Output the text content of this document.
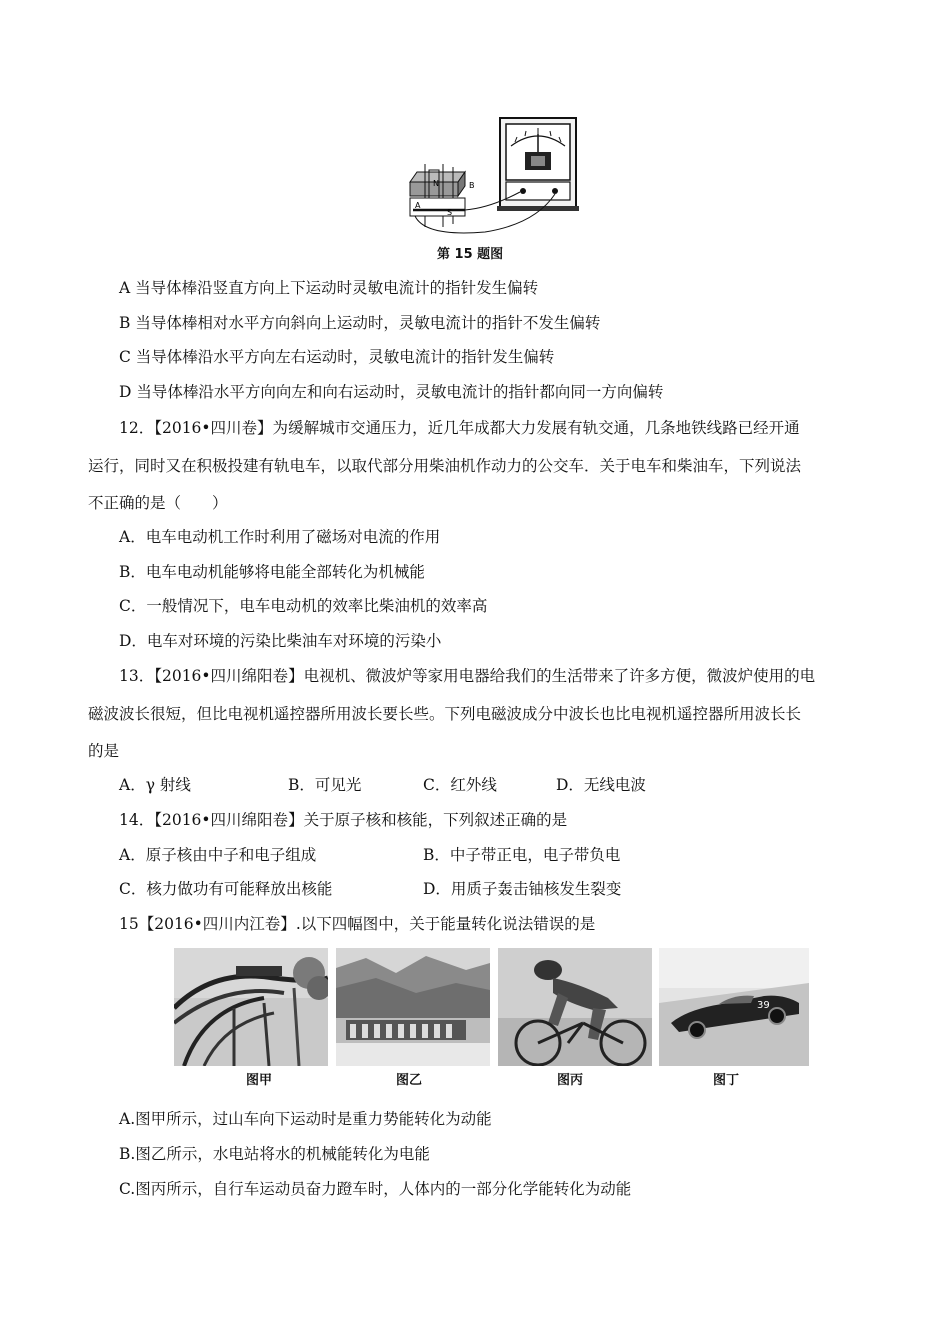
A
N
S
B
第 15 题图
A 当导体棒沿竖直方向上下运动时灵敏电流计的指针发生偏转
B 当导体棒相对水平方向斜向上运动时，灵敏电流计的指针不发生偏转
C 当导体棒沿水平方向左右运动时，灵敏电流计的指针发生偏转
D 当导体棒沿水平方向向左和向右运动时，灵敏电流计的指针都向同一方向偏转
12．【2016•四川卷】为缓解城市交通压力，近几年成都大力发展有轨交通，几条地铁线路已经开通
运行，同时又在积极投建有轨电车，以取代部分用柴油机作动力的公交车．关于电车和柴油车，下列说法
不正确的是（　　）
A．电车电动机工作时利用了磁场对电流的作用
B．电车电动机能够将电能全部转化为机械能
C．一般情况下，电车电动机的效率比柴油机的效率高
D．电车对环境的污染比柴油车对环境的污染小
13．【2016•四川绵阳卷】电视机、微波炉等家用电器给我们的生活带来了许多方便，微波炉使用的电
磁波波长很短，但比电视机遥控器所用波长要长些。下列电磁波成分中波长也比电视机遥控器所用波长长
的是
A．γ 射线	B．可见光	C．红外线	D．无线电波
14．【2016•四川绵阳卷】关于原子核和核能，下列叙述正确的是
A．原子核由中子和电子组成	B．中子带正电，电子带负电
C．核力做功有可能释放出核能	D．用质子轰击铀核发生裂变
15【2016•四川内江卷】.以下四幅图中，关于能量转化说法错误的是
39
图甲	图乙	图丙	图丁
A.图甲所示，过山车向下运动时是重力势能转化为动能
B.图乙所示，水电站将水的机械能转化为电能
C.图丙所示，自行车运动员奋力蹬车时，人体内的一部分化学能转化为动能
